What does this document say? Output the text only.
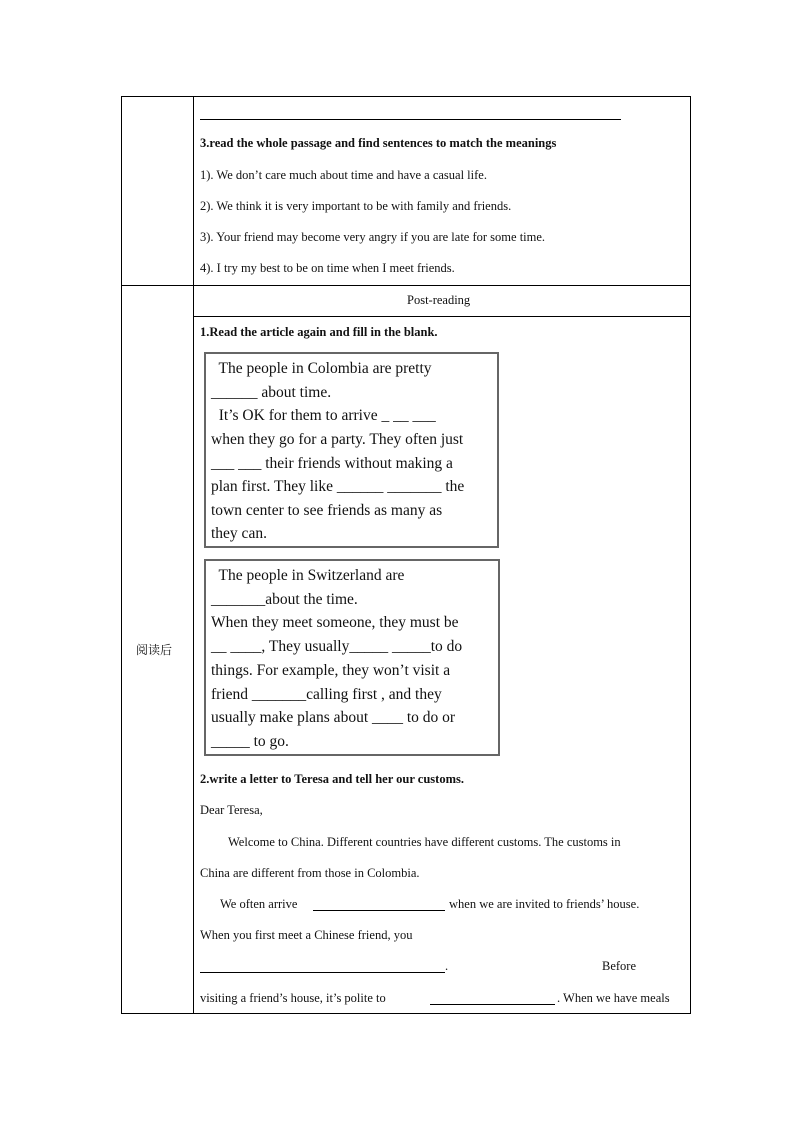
3.read the whole passage and find sentences to match the meanings
1). We don’t care much about time and have a casual life.
2). We think it is very important to be with family and friends.
3). Your friend may become very angry if you are late for some time.
4). I try my best to be on time when I meet friends.
阅读后
Post-reading
1.Read the article again and fill in the blank.
The people in Colombia are pretty
______ about time.
It’s OK for them to arrive _ __ ___
when they go for a party. They often just
___ ___ their friends without making a
plan first. They like ______ _______ the
town center to see friends as many as
they can.
The people in Switzerland are
_______about the time.
When they meet someone, they must be
__ ____, They usually_____ _____to do
things. For example, they won’t visit a
friend _______calling first , and they
usually make plans about ____ to do or
_____ to go.
2.write a letter to Teresa and tell her our customs.
Dear Teresa,
Welcome to China. Different countries have different customs. The customs in
China are different from those in Colombia.
We often arrive	when we are invited to friends’ house.
When you first meet a Chinese friend, you
.	Before
visiting a friend’s house, it’s polite to	. When we have meals
